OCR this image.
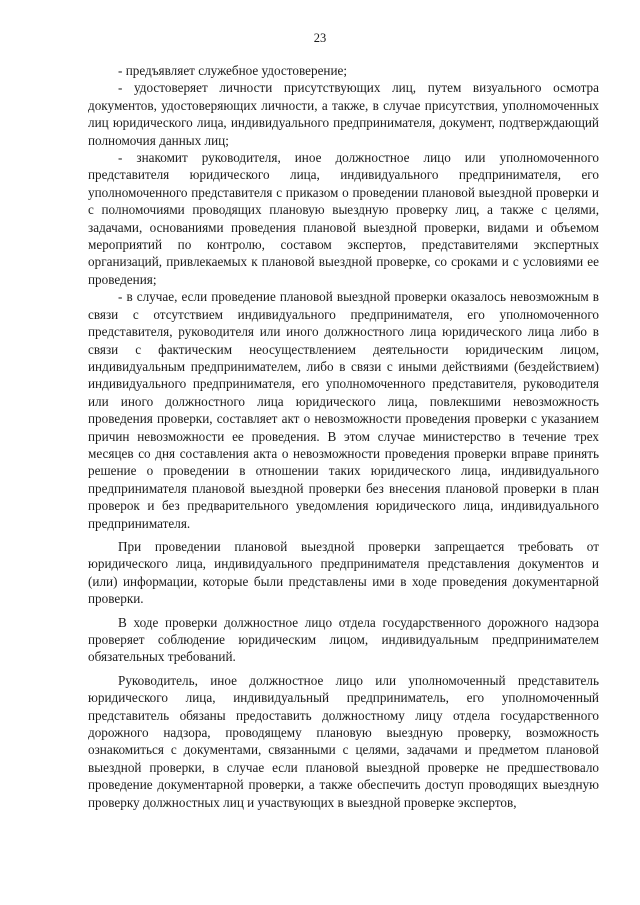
23

- предъявляет служебное удостоверение;

- удостоверяет личности присутствующих лиц, путем визуального осмотра документов, удостоверяющих личности, а также, в случае присутствия, уполномоченных лиц юридического лица, индивидуального предпринимателя, документ, подтверждающий полномочия данных лиц;

- знакомит руководителя, иное должностное лицо или уполномоченного представителя юридического лица, индивидуального предпринимателя, его уполномоченного представителя с приказом о проведении плановой выездной проверки и с полномочиями проводящих плановую выездную проверку лиц, а также с целями, задачами, основаниями проведения плановой выездной проверки, видами и объемом мероприятий по контролю, составом экспертов, представителями экспертных организаций, привлекаемых к плановой выездной проверке, со сроками и с условиями ее проведения;

- в случае, если проведение плановой выездной проверки оказалось невозможным в связи с отсутствием индивидуального предпринимателя, его уполномоченного представителя, руководителя или иного должностного лица юридического лица либо в связи с фактическим неосуществлением деятельности юридическим лицом, индивидуальным предпринимателем, либо в связи с иными действиями (бездействием) индивидуального предпринимателя, его уполномоченного представителя, руководителя или иного должностного лица юридического лица, повлекшими невозможность проведения проверки, составляет акт о невозможности проведения проверки с указанием причин невозможности ее проведения. В этом случае министерство в течение трех месяцев со дня составления акта о невозможности проведения проверки вправе принять решение о проведении в отношении таких юридического лица, индивидуального предпринимателя плановой выездной проверки без внесения плановой проверки в план проверок и без предварительного уведомления юридического лица, индивидуального предпринимателя.

При проведении плановой выездной проверки запрещается требовать от юридического лица, индивидуального предпринимателя представления документов и (или) информации, которые были представлены ими в ходе проведения документарной проверки.

В ходе проверки должностное лицо отдела государственного дорожного надзора проверяет соблюдение юридическим лицом, индивидуальным предпринимателем обязательных требований.

Руководитель, иное должностное лицо или уполномоченный представитель юридического лица, индивидуальный предприниматель, его уполномоченный представитель обязаны предоставить должностному лицу отдела государственного дорожного надзора, проводящему плановую выездную проверку, возможность ознакомиться с документами, связанными с целями, задачами и предметом плановой выездной проверки, в случае если плановой выездной проверке не предшествовало проведение документарной проверки, а также обеспечить доступ проводящих выездную проверку должностных лиц и участвующих в выездной проверке экспертов,
